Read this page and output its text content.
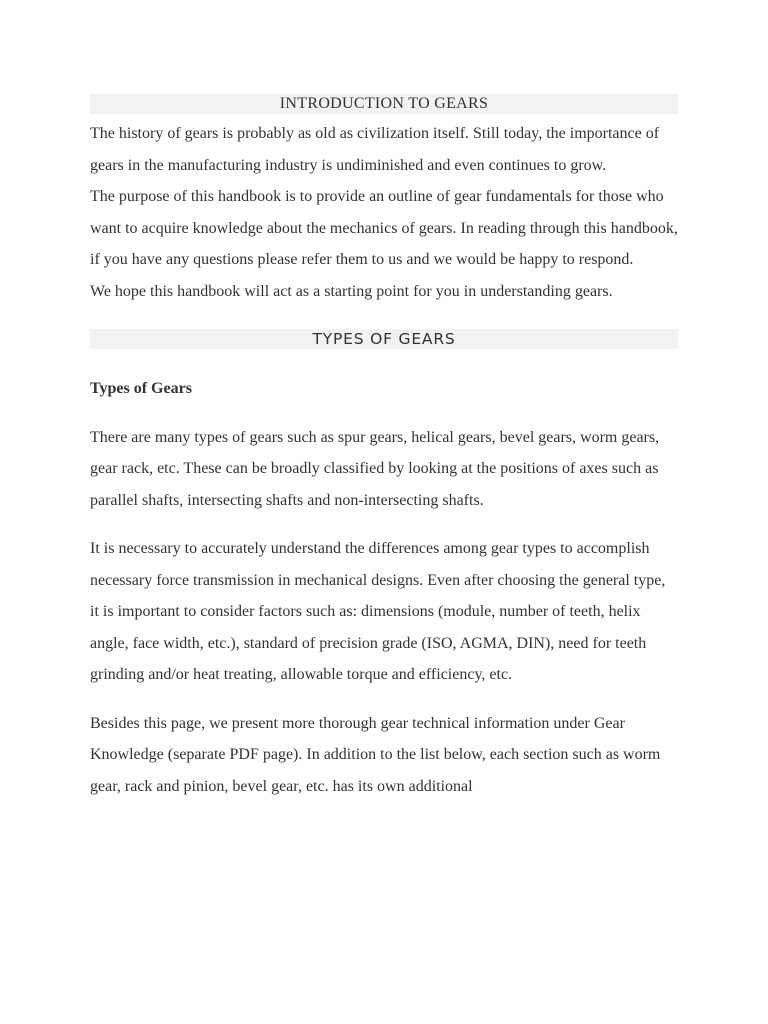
INTRODUCTION TO GEARS

The history of gears is probably as old as civilization itself. Still today, the importance of gears in the manufacturing industry is undiminished and even continues to grow.

The purpose of this handbook is to provide an outline of gear fundamentals for those who want to acquire knowledge about the mechanics of gears. In reading through this handbook, if you have any questions please refer them to us and we would be happy to respond.

We hope this handbook will act as a starting point for you in understanding gears.

TYPES OF GEARS

Types of Gears

There are many types of gears such as spur gears, helical gears, bevel gears, worm gears, gear rack, etc. These can be broadly classified by looking at the positions of axes such as parallel shafts, intersecting shafts and non-intersecting shafts.

It is necessary to accurately understand the differences among gear types to accomplish necessary force transmission in mechanical designs. Even after choosing the general type, it is important to consider factors such as: dimensions (module, number of teeth, helix angle, face width, etc.), standard of precision grade (ISO, AGMA, DIN), need for teeth grinding and/or heat treating, allowable torque and efficiency, etc.

Besides this page, we present more thorough gear technical information under Gear Knowledge (separate PDF page). In addition to the list below, each section such as worm gear, rack and pinion, bevel gear, etc. has its own additional
